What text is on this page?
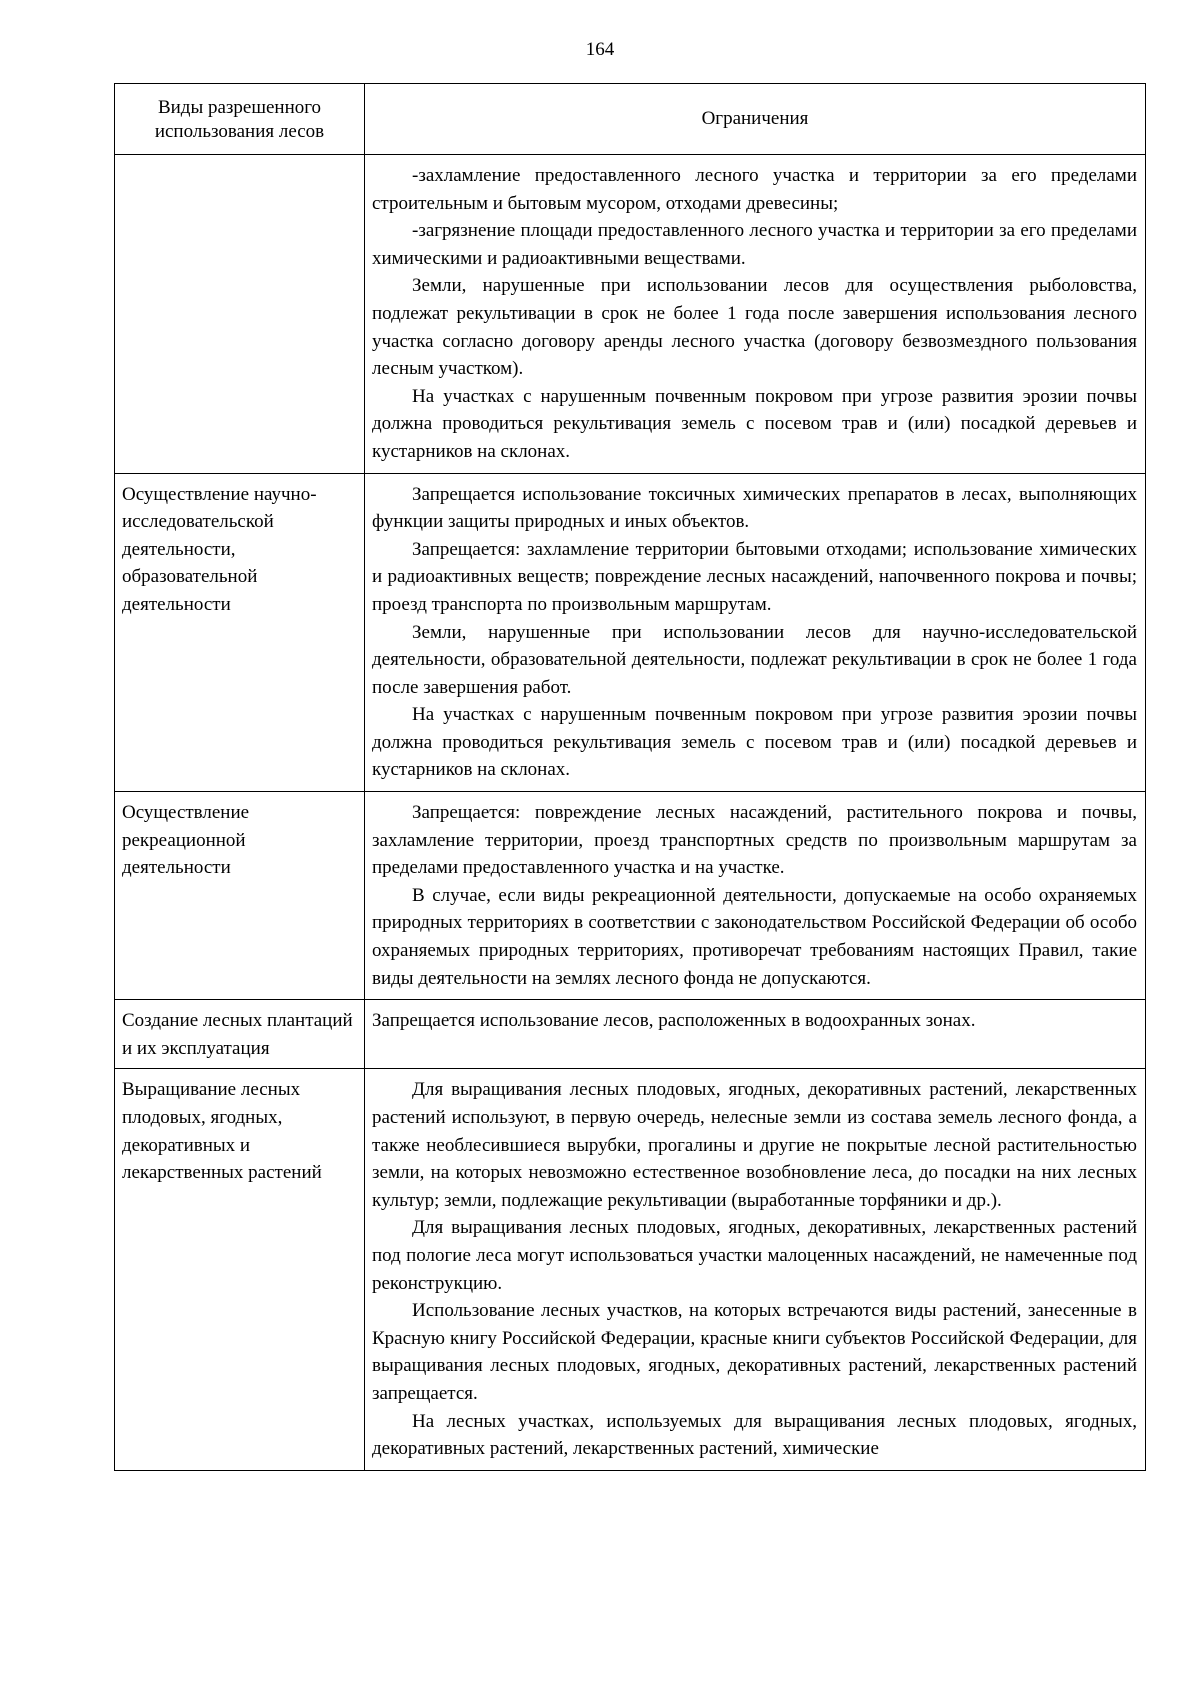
164
Виды разрешенного использования лесов	Ограничения

	-захламление предоставленного лесного участка и территории за его пределами строительным и бытовым мусором, отходами древесины;

-загрязнение площади предоставленного лесного участка и территории за его пределами химическими и радиоактивными веществами.

Земли, нарушенные при использовании лесов для осуществления рыболовства, подлежат рекультивации в срок не более 1 года после завершения использования лесного участка согласно договору аренды лесного участка (договору безвозмездного пользования лесным участком).

На участках с нарушенным почвенным покровом при угрозе развития эрозии почвы должна проводиться рекультивация земель с посевом трав и (или) посадкой деревьев и кустарников на склонах.

Осуществление научно-исследовательской деятельности, образовательной деятельности	Запрещается использование токсичных химических препаратов в лесах, выполняющих функции защиты природных и иных объектов.

Запрещается: захламление территории бытовыми отходами; использование химических и радиоактивных веществ; повреждение лесных насаждений, напочвенного покрова и почвы; проезд транспорта по произвольным маршрутам.

Земли, нарушенные при использовании лесов для научно-исследовательской деятельности, образовательной деятельности, подлежат рекультивации в срок не более 1 года после завершения работ.

На участках с нарушенным почвенным покровом при угрозе развития эрозии почвы должна проводиться рекультивация земель с посевом трав и (или) посадкой деревьев и кустарников на склонах.

Осуществление рекреационной деятельности	Запрещается: повреждение лесных насаждений, растительного покрова и почвы, захламление территории, проезд транспортных средств по произвольным маршрутам за пределами предоставленного участка и на участке.

В случае, если виды рекреационной деятельности, допускаемые на особо охраняемых природных территориях в соответствии с законодательством Российской Федерации об особо охраняемых природных территориях, противоречат требованиям настоящих Правил, такие виды деятельности на землях лесного фонда не допускаются.

Создание лесных плантаций и их эксплуатация	Запрещается использование лесов, расположенных в водоохранных зонах.

Выращивание лесных плодовых, ягодных, декоративных и лекарственных растений	Для выращивания лесных плодовых, ягодных, декоративных растений, лекарственных растений используют, в первую очередь, нелесные земли из состава земель лесного фонда, а также необлесившиеся вырубки, прогалины и другие не покрытые лесной растительностью земли, на которых невозможно естественное возобновление леса, до посадки на них лесных культур; земли, подлежащие рекультивации (выработанные торфяники и др.).

Для выращивания лесных плодовых, ягодных, декоративных, лекарственных растений под пологие леса могут использоваться участки малоценных насаждений, не намеченные под реконструкцию.

Использование лесных участков, на которых встречаются виды растений, занесенные в Красную книгу Российской Федерации, красные книги субъектов Российской Федерации, для выращивания лесных плодовых, ягодных, декоративных растений, лекарственных растений запрещается.

На лесных участках, используемых для выращивания лесных плодовых, ягодных, декоративных растений, лекарственных растений, химические
